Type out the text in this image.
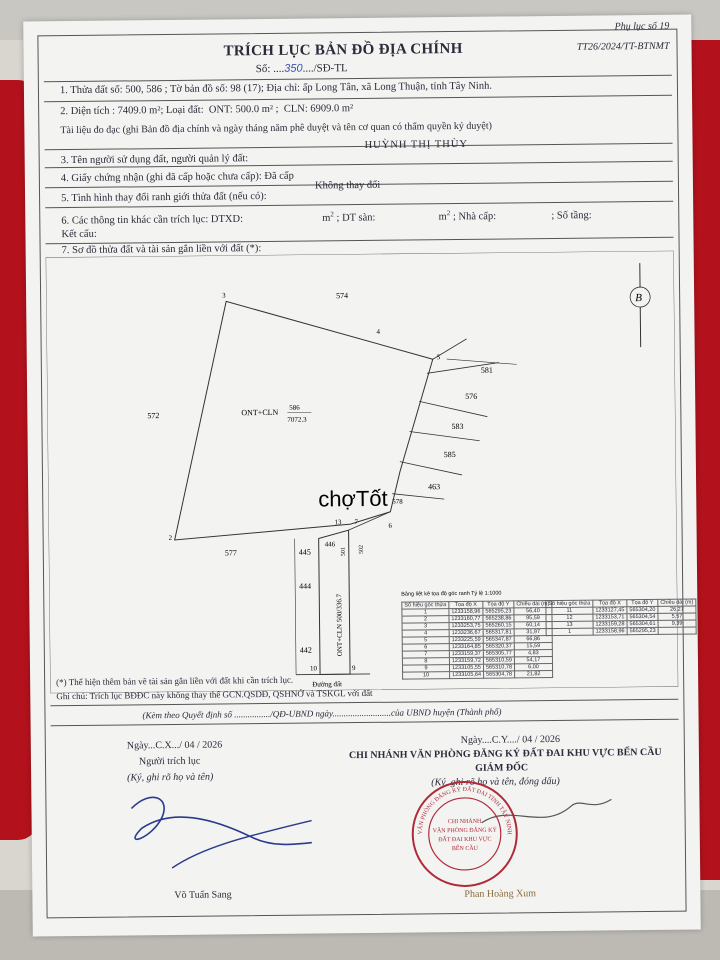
Phụ lục số 19
TT26/2024/TT-BTNMT
TRÍCH LỤC BẢN ĐỒ ĐỊA CHÍNH
Số: ....350..../SĐ-TL
1. Thửa đất số: 500, 586 ; Tờ bản đồ số: 98 (17); Địa chỉ: ấp Long Tân, xã Long Thuận, tỉnh Tây Ninh.
2. Diện tích : 7409.0 m²; Loại đất: ONT: 500.0 m² ;  CLN: 6909.0 m²
Tài liệu đo đạc (ghi Bản đồ địa chính và ngày tháng năm phê duyệt và tên cơ quan có thẩm quyền ký duyệt)
3. Tên người sử dụng đất, người quản lý đất:
HUỲNH THỊ THÙY
4. Giấy chứng nhận (ghi đã cấp hoặc chưa cấp): Đã cấp
5. Tình hình thay đổi ranh giới thửa đất (nếu có):
Không thay đổi
6. Các thông tin khác cần trích lục: DTXD:	$m^2$ ; DT sàn:	$m^2$ ; Nhà cấp:	; Số tầng:
Kết cấu:
7. Sơ đồ thửa đất và tài sản gắn liền với đất (*):
3
4
5
6
7
2
13
10	9
574
572
577
581
576
583
585
463
578
445
446
501 502
444
442
ONT+CLN
586
7072.3
ONT+CLN 500/336.7
Đường đất
B
chợTốt
Bảng liệt kê tọa độ góc ranh Tỷ lệ 1:1000
Số hiệu góc thửa	Tọa độ X	Tọa độ Y	Chiều dài (m)
1	1233158,96	565295,23	56,40
2	1233160,77	565238,86	95,59
3	1233253,75	565260,15	60,14
4	1233236,67	565317,81	31,97
5	1233225,59	565347,87	66,86
6	1233164,85	565320,37	15,59
7	1233159,37	565305,77	4,83
8	1233159,72	565310,59	54,17
9	1233105,55	565310,78	6,00
10	1233105,64	565304,78	21,82
Số hiệu góc thửa	Tọa độ X	Tọa độ Y	Chiều dài (m)
11	1233127,45	565304,20	26,27
12	1233153,71	565304,54	5,57
13	1233159,28	565304,61	9,39
1	1233158,96	565295,23	
(*) Thể hiện thêm bản vẽ tài sản gắn liền với đất khi cần trích lục.
Ghi chú: Trích lục BĐĐC này không thay thế GCN.QSDĐ, QSHNỞ và TSKGL với đất
(Kèm theo Quyết định số ................/QĐ-UBND ngày..........................của UBND huyện (Thành phố)
Ngày...C.X.../ 04 / 2026
Người trích lục
(Ký, ghi rõ họ và tên)
Võ Tuấn Sang
Ngày....C.Y..../ 04 / 2026
CHI NHÁNH VĂN PHÒNG ĐĂNG KÝ ĐẤT ĐAI KHU VỰC BẾN CẦU
GIÁM ĐỐC
(Ký, ghi rõ họ và tên, đóng dấu)
Phan Hoàng Xum
VĂN PHÒNG ĐĂNG KÝ ĐẤT ĐAI TỈNH TÂY NINH
CHI NHÁNH
VĂN PHÒNG ĐĂNG KÝ
ĐẤT ĐAI KHU VỰC
BẾN CẦU
